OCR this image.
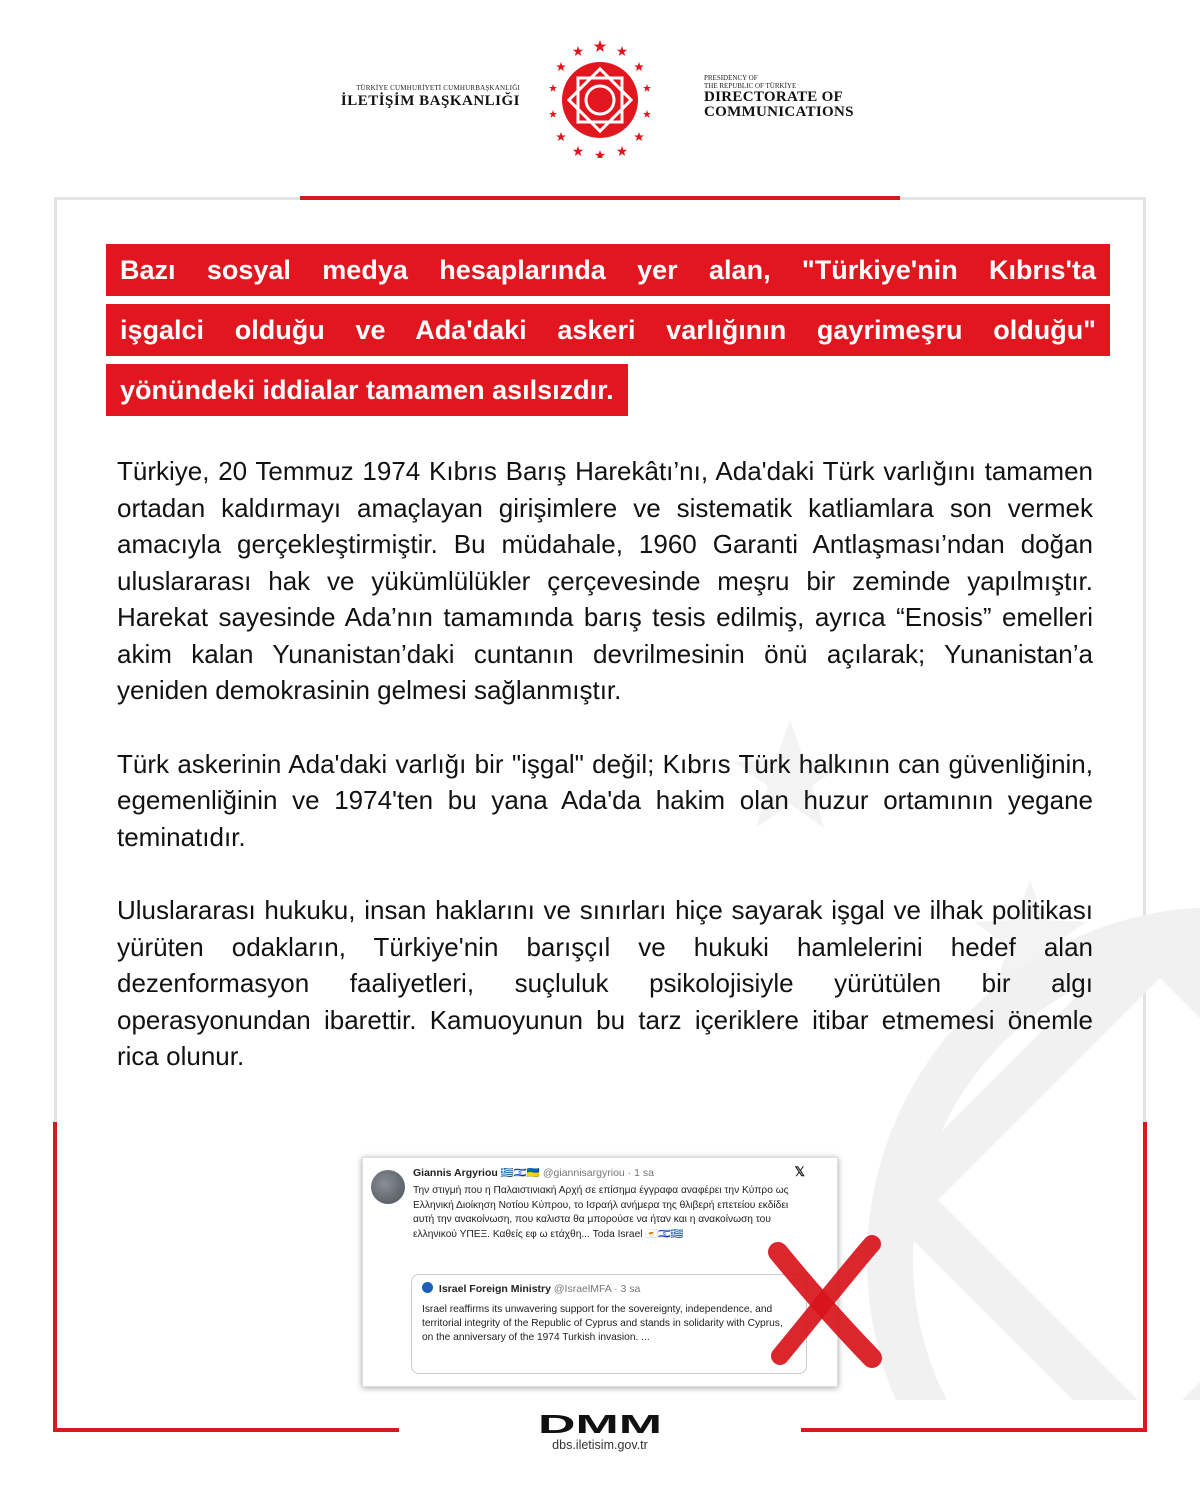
TÜRKİYE CUMHURİYETİ CUMHURBAŞKANLIĞI
İLETİŞİM BAŞKANLIĞI
PRESIDENCY OF
THE REPUBLIC OF TÜRKİYE
DIRECTORATE OF
COMMUNICATIONS
Bazı sosyal medya hesaplarında yer alan, "Türkiye'nin Kıbrıs'ta
işgalci olduğu ve Ada'daki askeri varlığının gayrimeşru olduğu"
yönündeki iddialar tamamen asılsızdır.

Türkiye, 20 Temmuz 1974 Kıbrıs Barış Harekâtı’nı, Ada'daki Türk varlığını tamamen ortadan kaldırmayı amaçlayan girişimlere ve sistematik katliamlara son vermek amacıyla gerçekleştirmiştir. Bu müdahale, 1960 Garanti Antlaşması’ndan doğan uluslararası hak ve yükümlülükler çerçevesinde meşru bir zeminde yapılmıştır. Harekat sayesinde Ada’nın tamamında barış tesis edilmiş, ayrıca “Enosis” emelleri akim kalan Yunanistan’daki cuntanın devrilmesinin önü açılarak; Yunanistan’a yeniden demokrasinin gelmesi sağlanmıştır.

Türk askerinin Ada'daki varlığı bir "işgal" değil; Kıbrıs Türk halkının can güvenliğinin, egemenliğinin ve 1974'ten bu yana Ada'da hakim olan huzur ortamının yegane teminatıdır.

Uluslararası hukuku, insan haklarını ve sınırları hiçe sayarak işgal ve ilhak politikası yürüten odakların, Türkiye'nin barışçıl ve hukuki hamlelerini hedef alan dezenformasyon faaliyetleri, suçluluk psikolojisiyle yürütülen bir algı operasyonundan ibarettir. Kamuoyunun bu tarz içeriklere itibar etmemesi önemle rica olunur.

Giannis Argyriou 🇬🇷🇮🇱🇺🇦 @giannisargyriou · 1 sa	𝕏
Την στιγμή που η Παλαιστινιακή Αρχή σε επίσημα έγγραφα αναφέρει την Κύπρο ως Ελληνική Διοίκηση Νοτίου Κύπρου, το Ισραήλ ανήμερα της θλιβερή επετείου εκδίδει αυτή την ανακοίνωση, που καλιστα θα μπορούσε να ήταν και η ανακοίνωση του ελληνικού ΥΠΕΞ. Καθείς εφ ω ετάχθη... Toda Israel 🇨🇾🇮🇱🇬🇷
Israel Foreign Ministry @IsraelMFA · 3 sa
Israel reaffirms its unwavering support for the sovereignty, independence, and territorial integrity of the Republic of Cyprus and stands in solidarity with Cyprus, on the anniversary of the 1974 Turkish invasion. ...
DMM
dbs.iletisim.gov.tr
